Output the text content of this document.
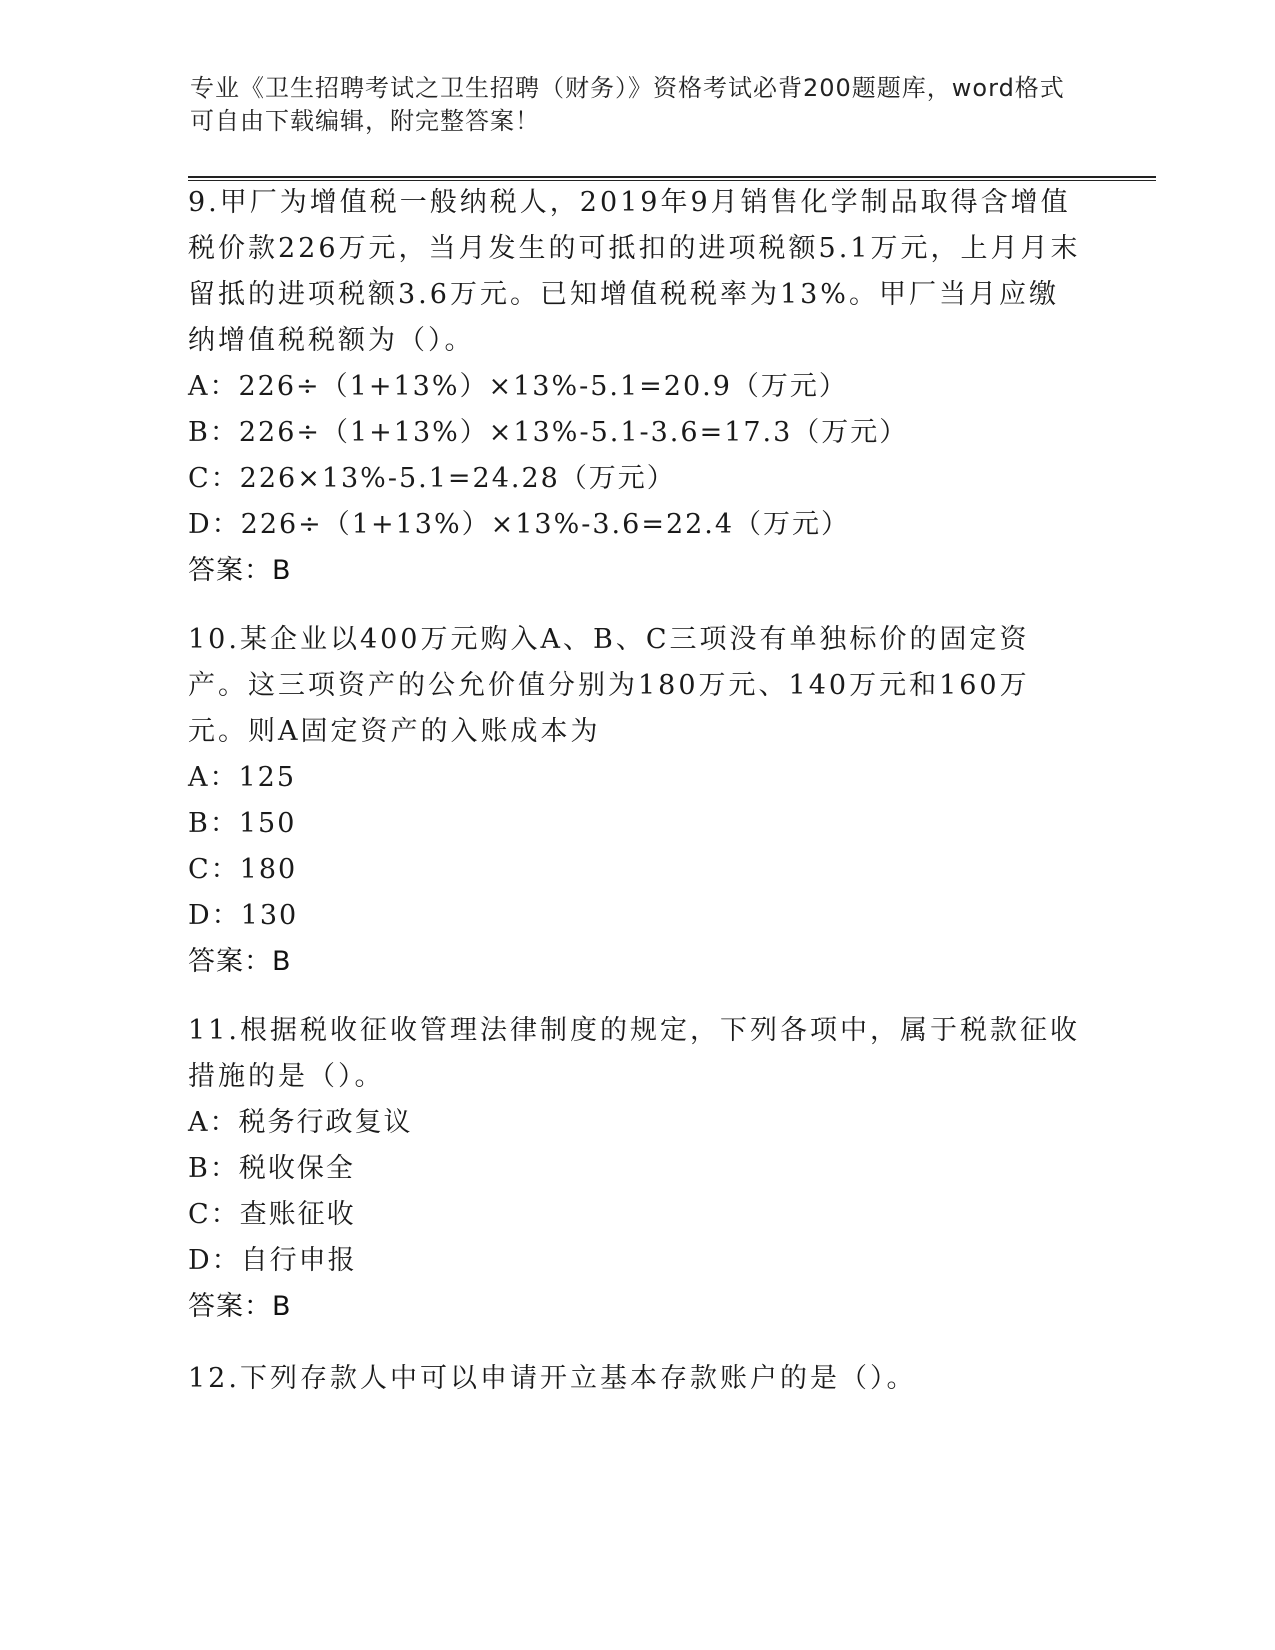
专业《卫生招聘考试之卫生招聘（财务）》资格考试必背200题题库，word格式
可自由下载编辑，附完整答案！

9.甲厂为增值税一般纳税人，2019年9月销售化学制品取得含增值税价款226万元，当月发生的可抵扣的进项税额5.1万元，上月月末留抵的进项税额3.6万元。已知增值税税率为13%。甲厂当月应缴纳增值税税额为（）。

A：226÷（1+13%）×13%-5.1=20.9（万元）
B：226÷（1+13%）×13%-5.1-3.6=17.3（万元）
C：226×13%-5.1=24.28（万元）
D：226÷（1+13%）×13%-3.6=22.4（万元）
答案：B

10.某企业以400万元购入A、B、C三项没有单独标价的固定资产。这三项资产的公允价值分别为180万元、140万元和160万元。则A固定资产的入账成本为

A：125
B：150
C：180
D：130
答案：B

11.根据税收征收管理法律制度的规定，下列各项中，属于税款征收措施的是（）。

A：税务行政复议
B：税收保全
C：查账征收
D：自行申报
答案：B

12.下列存款人中可以申请开立基本存款账户的是（）。
